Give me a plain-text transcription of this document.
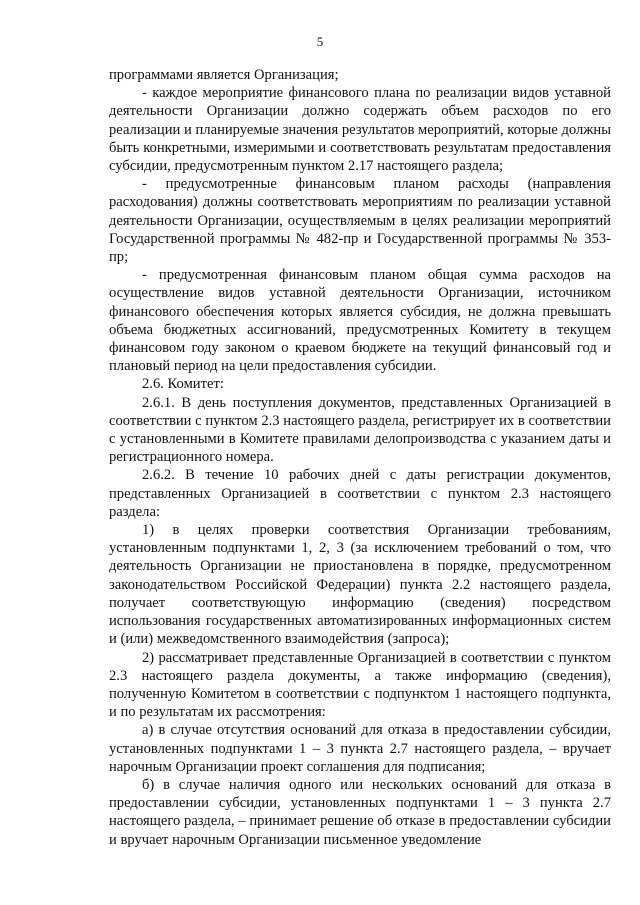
5

программами является Организация;

- каждое мероприятие финансового плана по реализации видов уставной деятельности Организации должно содержать объем расходов по его реализации и планируемые значения результатов мероприятий, которые должны быть конкретными, измеримыми и соответствовать результатам предоставления субсидии, предусмотренным пунктом 2.17 настоящего раздела;

- предусмотренные финансовым планом расходы (направления расходования) должны соответствовать мероприятиям по реализации уставной деятельности Организации, осуществляемым в целях реализации мероприятий Государственной программы № 482-пр и Государственной программы № 353-пр;

- предусмотренная финансовым планом общая сумма расходов на осуществление видов уставной деятельности Организации, источником финансового обеспечения которых является субсидия, не должна превышать объема бюджетных ассигнований, предусмотренных Комитету в текущем финансовом году законом о краевом бюджете на текущий финансовый год и плановый период на цели предоставления субсидии.

2.6. Комитет:

2.6.1. В день поступления документов, представленных Организацией в соответствии с пунктом 2.3 настоящего раздела, регистрирует их в соответствии с установленными в Комитете правилами делопроизводства с указанием даты и регистрационного номера.

2.6.2. В течение 10 рабочих дней с даты регистрации документов, представленных Организацией в соответствии с пунктом 2.3 настоящего раздела:

1) в целях проверки соответствия Организации требованиям, установленным подпунктами 1, 2, 3 (за исключением требований о том, что деятельность Организации не приостановлена в порядке, предусмотренном законодательством Российской Федерации) пункта 2.2 настоящего раздела, получает соответствующую информацию (сведения) посредством использования государственных автоматизированных информационных систем и (или) межведомственного взаимодействия (запроса);

2) рассматривает представленные Организацией в соответствии с пунктом 2.3 настоящего раздела документы, а также информацию (сведения), полученную Комитетом в соответствии с подпунктом 1 настоящего подпункта, и по результатам их рассмотрения:

а) в случае отсутствия оснований для отказа в предоставлении субсидии, установленных подпунктами 1 – 3 пункта 2.7 настоящего раздела, – вручает нарочным Организации проект соглашения для подписания;

б) в случае наличия одного или нескольких оснований для отказа в предоставлении субсидии, установленных подпунктами 1 – 3 пункта 2.7 настоящего раздела, – принимает решение об отказе в предоставлении субсидии и вручает нарочным Организации письменное уведомление
